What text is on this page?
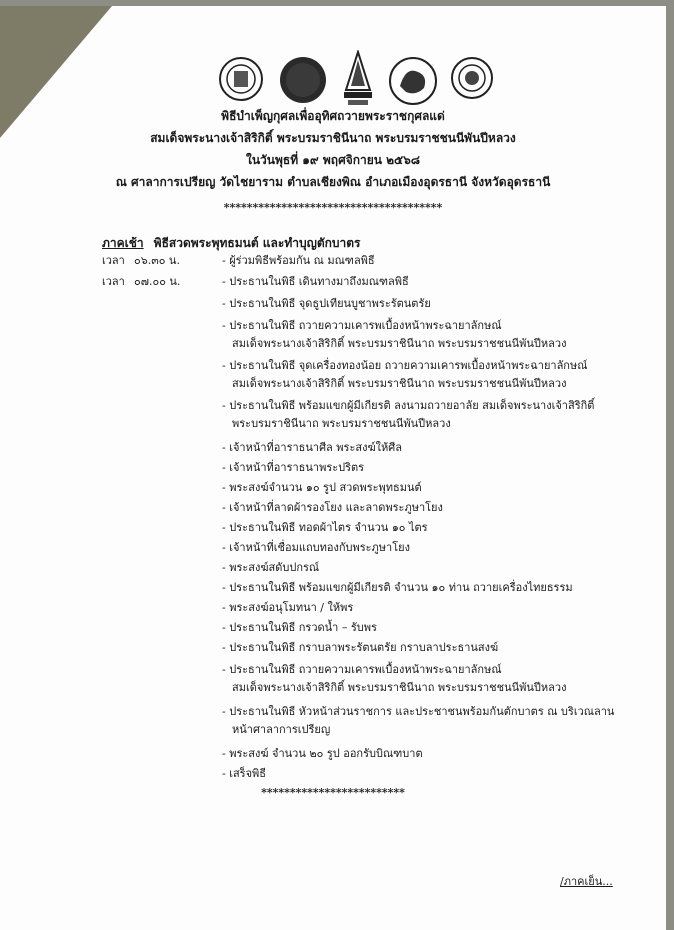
พิธีบำเพ็ญกุศลเพื่ออุทิศถวายพระราชกุศลแด่
สมเด็จพระนางเจ้าสิริกิติ์ พระบรมราชินีนาถ พระบรมราชชนนีพันปีหลวง
ในวันพุธที่ ๑๙ พฤศจิกายน ๒๕๖๘
ณ ศาลาการเปรียญ วัดไชยาราม ตำบลเชียงพิณ อำเภอเมืองอุดรธานี จังหวัดอุดรธานี
**************************************
ภาคเช้า พิธีสวดพระพุทธมนต์ และทำบุญตักบาตร
เวลา ๐๖.๓๐ น.
เวลา ๐๗.๐๐ น.
- ผู้ร่วมพิธีพร้อมกัน ณ มณฑลพิธี
- ประธานในพิธี เดินทางมาถึงมณฑลพิธี
- ประธานในพิธี จุดธูปเทียนบูชาพระรัตนตรัย
- ประธานในพิธี ถวายความเคารพเบื้องหน้าพระฉายาลักษณ์
สมเด็จพระนางเจ้าสิริกิติ์ พระบรมราชินีนาถ พระบรมราชชนนีพันปีหลวง
- ประธานในพิธี จุดเครื่องทองน้อย ถวายความเคารพเบื้องหน้าพระฉายาลักษณ์
สมเด็จพระนางเจ้าสิริกิติ์ พระบรมราชินีนาถ พระบรมราชชนนีพันปีหลวง
- ประธานในพิธี พร้อมแขกผู้มีเกียรติ ลงนามถวายอาลัย สมเด็จพระนางเจ้าสิริกิติ์
พระบรมราชินีนาถ พระบรมราชชนนีพันปีหลวง
- เจ้าหน้าที่อาราธนาศีล พระสงฆ์ให้ศีล
- เจ้าหน้าที่อาราธนาพระปริตร
- พระสงฆ์จำนวน ๑๐ รูป สวดพระพุทธมนต์
- เจ้าหน้าที่ลาดผ้ารองโยง และลาดพระภูษาโยง
- ประธานในพิธี ทอดผ้าไตร จำนวน ๑๐ ไตร
- เจ้าหน้าที่เชื่อมแถบทองกับพระภูษาโยง
- พระสงฆ์สดับปกรณ์
- ประธานในพิธี พร้อมแขกผู้มีเกียรติ จำนวน ๑๐ ท่าน ถวายเครื่องไทยธรรม
- พระสงฆ์อนุโมทนา / ให้พร
- ประธานในพิธี กรวดน้ำ – รับพร
- ประธานในพิธี กราบลาพระรัตนตรัย กราบลาประธานสงฆ์
- ประธานในพิธี ถวายความเคารพเบื้องหน้าพระฉายาลักษณ์
สมเด็จพระนางเจ้าสิริกิติ์ พระบรมราชินีนาถ พระบรมราชชนนีพันปีหลวง
- ประธานในพิธี หัวหน้าส่วนราชการ และประชาชนพร้อมกันตักบาตร ณ บริเวณลาน
หน้าศาลาการเปรียญ
- พระสงฆ์ จำนวน ๒๐ รูป ออกรับบิณฑบาต
- เสร็จพิธี
*************************
/ภาคเย็น...
